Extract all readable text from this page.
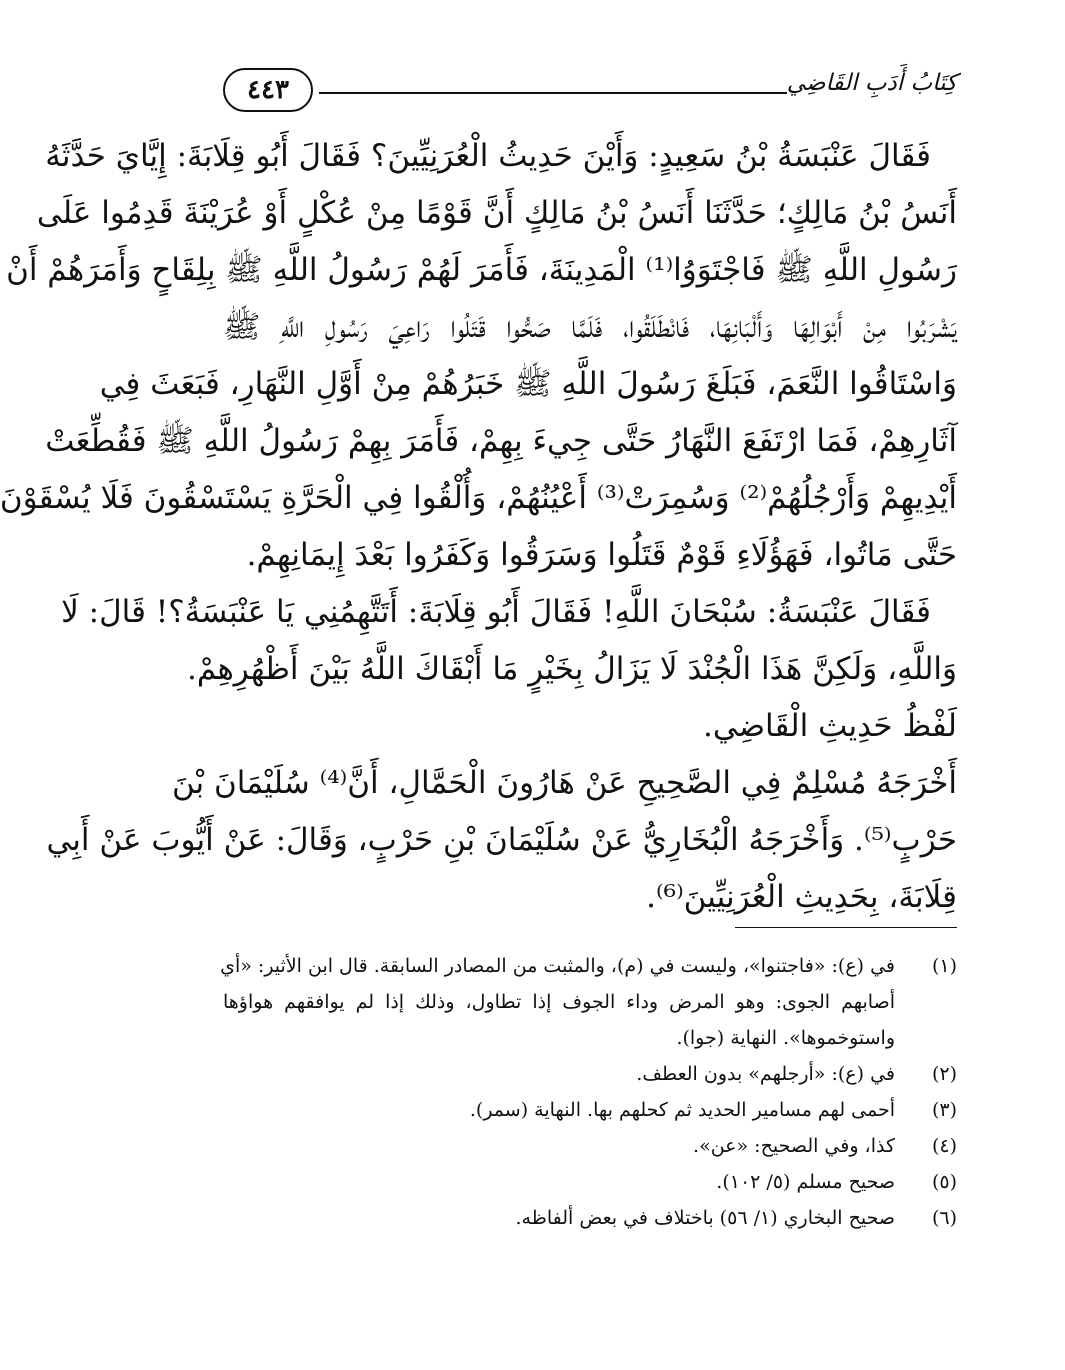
٤٤٣	كِتَابُ أَدَبِ القَاضِي
فَقَالَ عَنْبَسَةُ بْنُ سَعِيدٍ: وَأَيْنَ حَدِيثُ الْعُرَنِيِّينَ؟ فَقَالَ أَبُو قِلَابَةَ: إِيَّايَ حَدَّثَهُ
أَنَسُ بْنُ مَالِكٍ؛ حَدَّثَنَا أَنَسُ بْنُ مَالِكٍ أَنَّ قَوْمًا مِنْ عُكْلٍ أَوْ عُرَيْنَةَ قَدِمُوا عَلَى
رَسُولِ اللَّهِ ﷺ فَاجْتَوَوُا⁽¹⁾ الْمَدِينَةَ، فَأَمَرَ لَهُمْ رَسُولُ اللَّهِ ﷺ بِلِقَاحٍ وَأَمَرَهُمْ أَنْ
يَشْرَبُوا مِنْ أَبْوَالِهَا وَأَلْبَانِهَا، فَانْطَلَقُوا، فَلَمَّا صَحُّوا قَتَلُوا رَاعِيَ رَسُولِ اللَّهِ ﷺ
وَاسْتَاقُوا النَّعَمَ، فَبَلَغَ رَسُولَ اللَّهِ ﷺ خَبَرُهُمْ مِنْ أَوَّلِ النَّهَارِ، فَبَعَثَ فِي
آثَارِهِمْ، فَمَا ارْتَفَعَ النَّهَارُ حَتَّى جِيءَ بِهِمْ، فَأَمَرَ بِهِمْ رَسُولُ اللَّهِ ﷺ فَقُطِّعَتْ
أَيْدِيهِمْ وَأَرْجُلُهُمْ⁽²⁾ وَسُمِرَتْ⁽³⁾ أَعْيُنُهُمْ، وَأُلْقُوا فِي الْحَرَّةِ يَسْتَسْقُونَ فَلَا يُسْقَوْنَ
حَتَّى مَاتُوا، فَهَؤُلَاءِ قَوْمٌ قَتَلُوا وَسَرَقُوا وَكَفَرُوا بَعْدَ إِيمَانِهِمْ.
فَقَالَ عَنْبَسَةُ: سُبْحَانَ اللَّهِ! فَقَالَ أَبُو قِلَابَةَ: أَتَتَّهِمُنِي يَا عَنْبَسَةُ؟! قَالَ: لَا
وَاللَّهِ، وَلَكِنَّ هَذَا الْجُنْدَ لَا يَزَالُ بِخَيْرٍ مَا أَبْقَاكَ اللَّهُ بَيْنَ أَظْهُرِهِمْ.
لَفْظُ حَدِيثِ الْقَاضِي.
أَخْرَجَهُ مُسْلِمٌ فِي الصَّحِيحِ عَنْ هَارُونَ الْحَمَّالِ، أَنَّ⁽⁴⁾ سُلَيْمَانَ بْنَ
حَرْبٍ⁽⁵⁾. وَأَخْرَجَهُ الْبُخَارِيُّ عَنْ سُلَيْمَانَ بْنِ حَرْبٍ، وَقَالَ: عَنْ أَيُّوبَ عَنْ أَبِي
قِلَابَةَ، بِحَدِيثِ الْعُرَنِيِّينَ⁽⁶⁾.
(١)
في (ع): «فاجتنوا»، وليست في (م)، والمثبت من المصادر السابقة. قال ابن الأثير: «أي
أصابهم الجوى: وهو المرض وداء الجوف إذا تطاول، وذلك إذا لم يوافقهم هواؤها
واستوخموها». النهاية (جوا).
(٢)
في (ع): «أرجلهم» بدون العطف.
(٣)
أحمى لهم مسامير الحديد ثم كحلهم بها. النهاية (سمر).
(٤)
كذا، وفي الصحيح: «عن».
(٥)
صحيح مسلم (٥/ ١٠٢).
(٦)
صحيح البخاري (١/ ٥٦) باختلاف في بعض ألفاظه.
